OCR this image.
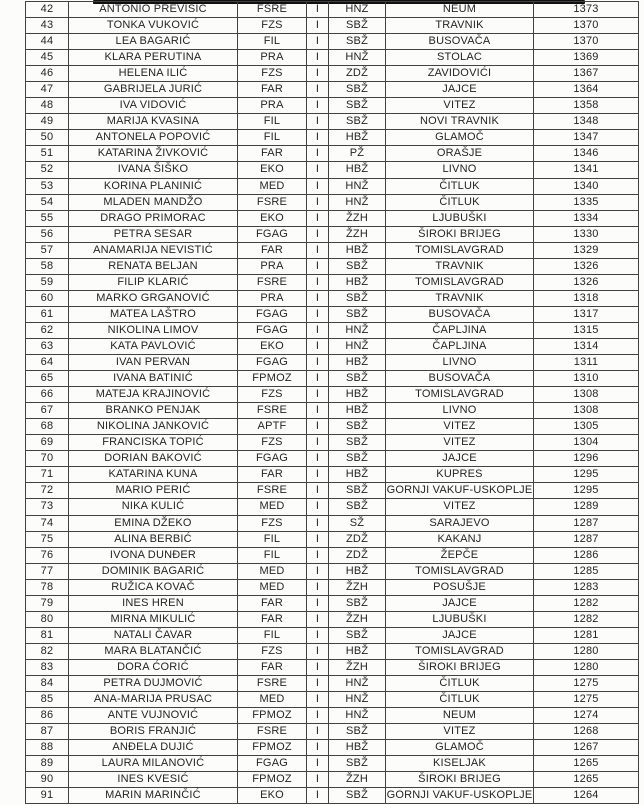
42	ANTONIO PREVIŠIĆ	FSRE	I	HNŽ	NEUM	1373
43	TONKA VUKOVIĆ	FZS	I	SBŽ	TRAVNIK	1370
44	LEA BAGARIĆ	FIL	I	SBŽ	BUSOVAČA	1370
45	KLARA PERUTINA	PRA	I	HNŽ	STOLAC	1369
46	HELENA ILIĆ	FZS	I	ZDŽ	ZAVIDOVIĆI	1367
47	GABRIJELA JURIĆ	FAR	I	SBŽ	JAJCE	1364
48	IVA VIDOVIĆ	PRA	I	SBŽ	VITEZ	1358
49	MARIJA KVASINA	FIL	I	SBŽ	NOVI TRAVNIK	1348
50	ANTONELA POPOVIĆ	FIL	I	HBŽ	GLAMOČ	1347
51	KATARINA ŽIVKOVIĆ	FAR	I	PŽ	ORAŠJE	1346
52	IVANA ŠIŠKO	EKO	I	HBŽ	LIVNO	1341
53	KORINA PLANINIĆ	MED	I	HNŽ	ČITLUK	1340
54	MLADEN MANDŽO	FSRE	I	HNŽ	ČITLUK	1335
55	DRAGO PRIMORAC	EKO	I	ŽZH	LJUBUŠKI	1334
56	PETRA SESAR	FGAG	I	ŽZH	ŠIROKI BRIJEG	1330
57	ANAMARIJA NEVISTIĆ	FAR	I	HBŽ	TOMISLAVGRAD	1329
58	RENATA BELJAN	PRA	I	SBŽ	TRAVNIK	1326
59	FILIP KLARIĆ	FSRE	I	HBŽ	TOMISLAVGRAD	1326
60	MARKO GRGANOVIĆ	PRA	I	SBŽ	TRAVNIK	1318
61	MATEA LAŠTRO	FGAG	I	SBŽ	BUSOVAČA	1317
62	NIKOLINA LIMOV	FGAG	I	HNŽ	ČAPLJINA	1315
63	KATA PAVLOVIĆ	EKO	I	HNŽ	ČAPLJINA	1314
64	IVAN PERVAN	FGAG	I	HBŽ	LIVNO	1311
65	IVANA BATINIĆ	FPMOZ	I	SBŽ	BUSOVAČA	1310
66	MATEJA KRAJINOVIĆ	FZS	I	HBŽ	TOMISLAVGRAD	1308
67	BRANKO PENJAK	FSRE	I	HBŽ	LIVNO	1308
68	NIKOLINA JANKOVIĆ	APTF	I	SBŽ	VITEZ	1305
69	FRANCISKA TOPIĆ	FZS	I	SBŽ	VITEZ	1304
70	DORIAN BAKOVIĆ	FGAG	I	SBŽ	JAJCE	1296
71	KATARINA KUNA	FAR	I	HBŽ	KUPRES	1295
72	MARIO PERIĆ	FSRE	I	SBŽ	GORNJI VAKUF-USKOPLJE	1295
73	NIKA KULIĆ	MED	I	SBŽ	VITEZ	1289
74	EMINA DŽEKO	FZS	I	SŽ	SARAJEVO	1287
75	ALINA BERBIĆ	FIL	I	ZDŽ	KAKANJ	1287
76	IVONA DUNĐER	FIL	I	ZDŽ	ŽEPČE	1286
77	DOMINIK BAGARIĆ	MED	I	HBŽ	TOMISLAVGRAD	1285
78	RUŽICA KOVAČ	MED	I	ŽZH	POSUŠJE	1283
79	INES HREN	FAR	I	SBŽ	JAJCE	1282
80	MIRNA MIKULIĆ	FAR	I	ŽZH	LJUBUŠKI	1282
81	NATALI ČAVAR	FIL	I	SBŽ	JAJCE	1281
82	MARA BLATANČIĆ	FZS	I	HBŽ	TOMISLAVGRAD	1280
83	DORA ĆORIĆ	FAR	I	ŽZH	ŠIROKI BRIJEG	1280
84	PETRA DUJMOVIĆ	FSRE	I	HNŽ	ČITLUK	1275
85	ANA-MARIJA PRUSAC	MED	I	HNŽ	ČITLUK	1275
86	ANTE VUJNOVIĆ	FPMOZ	I	HNŽ	NEUM	1274
87	BORIS FRANJIĆ	FSRE	I	SBŽ	VITEZ	1268
88	ANĐELA DUJIĆ	FPMOZ	I	HBŽ	GLAMOČ	1267
89	LAURA MILANOVIĆ	FGAG	I	SBŽ	KISELJAK	1265
90	INES KVESIĆ	FPMOZ	I	ŽZH	ŠIROKI BRIJEG	1265
91	MARIN MARINČIĆ	EKO	I	SBŽ	GORNJI VAKUF-USKOPLJE	1264
